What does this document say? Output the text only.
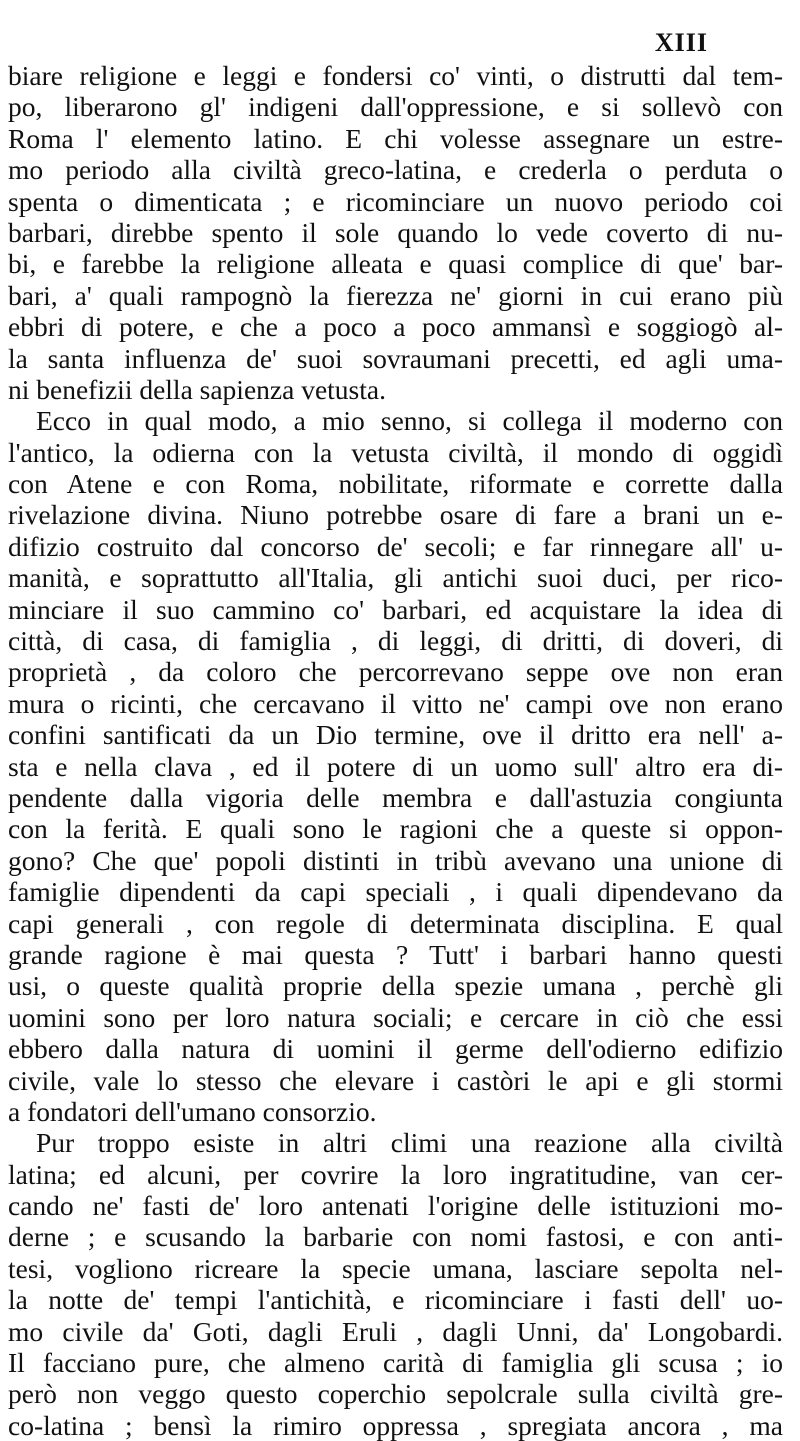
XIII
biare religione e leggi e fondersi co' vinti, o distrutti dal tem-
po, liberarono gl' indigeni dall'oppressione, e si sollevò con
Roma l' elemento latino. E chi volesse assegnare un estre-
mo periodo alla civiltà greco-latina, e crederla o perduta o
spenta o dimenticata ; e ricominciare un nuovo periodo coi
barbari, direbbe spento il sole quando lo vede coverto di nu-
bi, e farebbe la religione alleata e quasi complice di que' bar-
bari, a' quali rampognò la fierezza ne' giorni in cui erano più
ebbri di potere, e che a poco a poco ammansì e soggiogò al-
la santa influenza de' suoi sovraumani precetti, ed agli uma-
ni benefizii della sapienza vetusta.
Ecco in qual modo, a mio senno, si collega il moderno con
l'antico, la odierna con la vetusta civiltà, il mondo di oggidì
con Atene e con Roma, nobilitate, riformate e corrette dalla
rivelazione divina. Niuno potrebbe osare di fare a brani un e-
difizio costruito dal concorso de' secoli; e far rinnegare all' u-
manità, e soprattutto all'Italia, gli antichi suoi duci, per rico-
minciare il suo cammino co' barbari, ed acquistare la idea di
città, di casa, di famiglia , di leggi, di dritti, di doveri, di
proprietà , da coloro che percorrevano seppe ove non eran
mura o ricinti, che cercavano il vitto ne' campi ove non erano
confini santificati da un Dio termine, ove il dritto era nell' a-
sta e nella clava , ed il potere di un uomo sull' altro era di-
pendente dalla vigoria delle membra e dall'astuzia congiunta
con la ferità. E quali sono le ragioni che a queste si oppon-
gono? Che que' popoli distinti in tribù avevano una unione di
famiglie dipendenti da capi speciali , i quali dipendevano da
capi generali , con regole di determinata disciplina. E qual
grande ragione è mai questa ? Tutt' i barbari hanno questi
usi, o queste qualità proprie della spezie umana , perchè gli
uomini sono per loro natura sociali; e cercare in ciò che essi
ebbero dalla natura di uomini il germe dell'odierno edifizio
civile, vale lo stesso che elevare i castòri le api e gli stormi
a fondatori dell'umano consorzio.
Pur troppo esiste in altri climi una reazione alla civiltà
latina; ed alcuni, per covrire la loro ingratitudine, van cer-
cando ne' fasti de' loro antenati l'origine delle istituzioni mo-
derne ; e scusando la barbarie con nomi fastosi, e con anti-
tesi, vogliono ricreare la specie umana, lasciare sepolta nel-
la notte de' tempi l'antichità, e ricominciare i fasti dell' uo-
mo civile da' Goti, dagli Eruli , dagli Unni, da' Longobardi.
Il facciano pure, che almeno carità di famiglia gli scusa ; io
però non veggo questo coperchio sepolcrale sulla civiltà gre-
co-latina ; bensì la rimiro oppressa , spregiata ancora , ma
